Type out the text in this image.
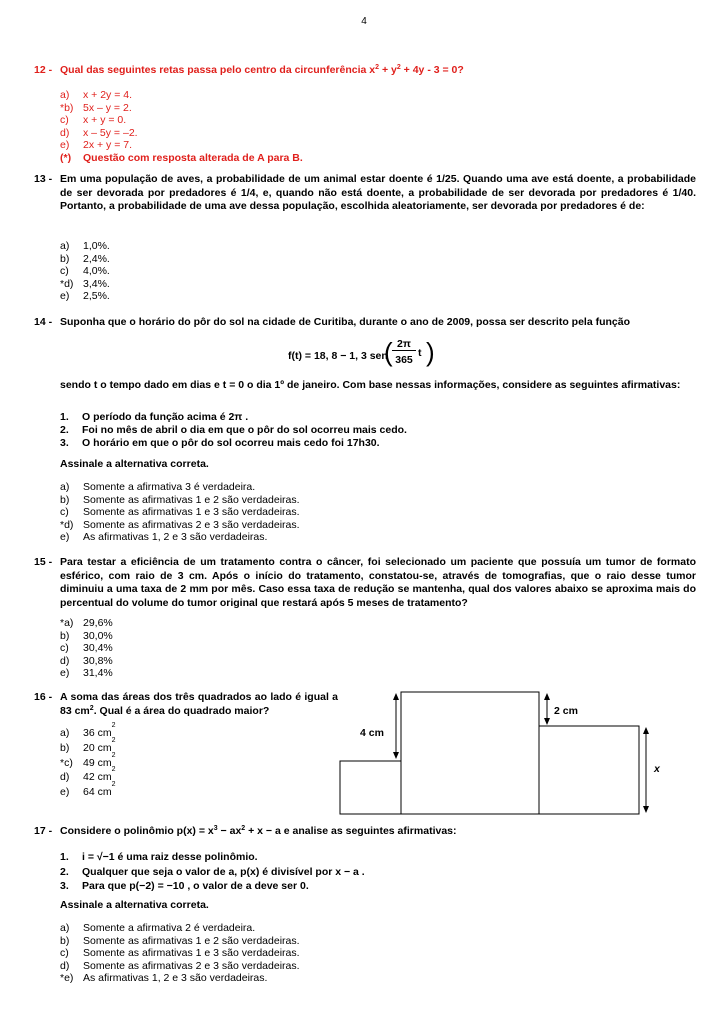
4
12 - Qual das seguintes retas passa pelo centro da circunferência $x^2 + y^2 + 4y - 3 = 0$?
a)	x + 2y = 4.
*b) 5x – y = 2.
c)	x + y = 0.
d)	x – 5y = –2.
e)	2x + y = 7.
(*)	Questão com resposta alterada de A para B.
13 - Em uma população de aves, a probabilidade de um animal estar doente é 1/25. Quando uma ave está doente, a probabilidade de ser devorada por predadores é 1/4, e, quando não está doente, a probabilidade de ser devorada por predadores é 1/40. Portanto, a probabilidade de uma ave dessa população, escolhida aleatoriamente, ser devorada por predadores é de:
a)	1,0%.
b)	2,4%.
c)	4,0%.
*d) 3,4%.
e)	2,5%.
14 - Suponha que o horário do pôr do sol na cidade de Curitiba, durante o ano de 2009, possa ser descrito pela função
f(t) = 18, 8 − 1, 3 sen
( 2π
365
t )
sendo t o tempo dado em dias e t = 0 o dia 1º de janeiro. Com base nessas informações, considere as seguintes afirmativas:
1.	O período da função acima é 2π .
2.	Foi no mês de abril o dia em que o pôr do sol ocorreu mais cedo.
3.	O horário em que o pôr do sol ocorreu mais cedo foi 17h30.
Assinale a alternativa correta.
a)	Somente a afirmativa 3 é verdadeira.
b)	Somente as afirmativas 1 e 2 são verdadeiras.
c)	Somente as afirmativas 1 e 3 são verdadeiras.
*d) Somente as afirmativas 2 e 3 são verdadeiras.
e)	As afirmativas 1, 2 e 3 são verdadeiras.
15 - Para testar a eficiência de um tratamento contra o câncer, foi selecionado um paciente que possuía um tumor de formato esférico, com raio de 3 cm. Após o início do tratamento, constatou-se, através de tomografias, que o raio desse tumor diminuiu a uma taxa de 2 mm por mês. Caso essa taxa de redução se mantenha, qual dos valores abaixo se aproxima mais do percentual do volume do tumor original que restará após 5 meses de tratamento?
*a) 29,6%
b)	30,0%
c)	30,4%
d)	30,8%
e)	31,4%
16 - A soma das áreas dos três quadrados ao lado é igual a 83 $cm^2$. Qual é a área do quadrado maior?
a)	36 cm
2
b)	20 cm
2
*c) 49 cm
2
d)	42 cm
2
e)	64 cm
2
4 cm
2 cm
x
17 - Considere o polinômio $p(x) = x^3 - ax^2 + x - a$ e analise as seguintes afirmativas:
1.	i = √−1 é uma raiz desse polinômio.
2.	Qualquer que seja o valor de a, p(x) é divisível por x − a .
3.	Para que p(−2) = −10 , o valor de a deve ser 0.
Assinale a alternativa correta.
a)	Somente a afirmativa 2 é verdadeira.
b)	Somente as afirmativas 1 e 2 são verdadeiras.
c)	Somente as afirmativas 1 e 3 são verdadeiras.
d)	Somente as afirmativas 2 e 3 são verdadeiras.
*e) As afirmativas 1, 2 e 3 são verdadeiras.
